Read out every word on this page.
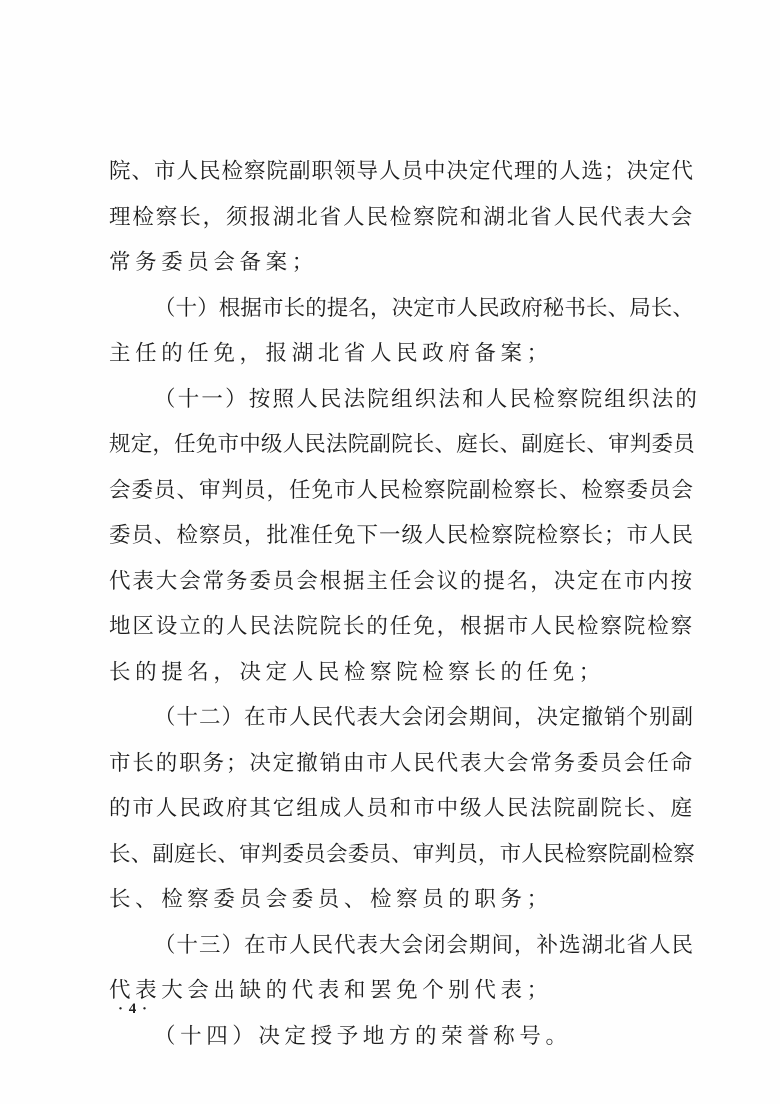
院、市人民检察院副职领导人员中决定代理的人选；决定代
理检察长，须报湖北省人民检察院和湖北省人民代表大会
常务委员会备案；
（十）根据市长的提名，决定市人民政府秘书长、局长、
主任的任免，报湖北省人民政府备案；
（十一）按照人民法院组织法和人民检察院组织法的
规定，任免市中级人民法院副院长、庭长、副庭长、审判委员
会委员、审判员，任免市人民检察院副检察长、检察委员会
委员、检察员，批准任免下一级人民检察院检察长；市人民
代表大会常务委员会根据主任会议的提名，决定在市内按
地区设立的人民法院院长的任免，根据市人民检察院检察
长的提名，决定人民检察院检察长的任免；
（十二）在市人民代表大会闭会期间，决定撤销个别副
市长的职务；决定撤销由市人民代表大会常务委员会任命
的市人民政府其它组成人员和市中级人民法院副院长、庭
长、副庭长、审判委员会委员、审判员，市人民检察院副检察
长、检察委员会委员、检察员的职务；
（十三）在市人民代表大会闭会期间，补选湖北省人民
代表大会出缺的代表和罢免个别代表；
（十四）决定授予地方的荣誉称号。
· 4 ·
